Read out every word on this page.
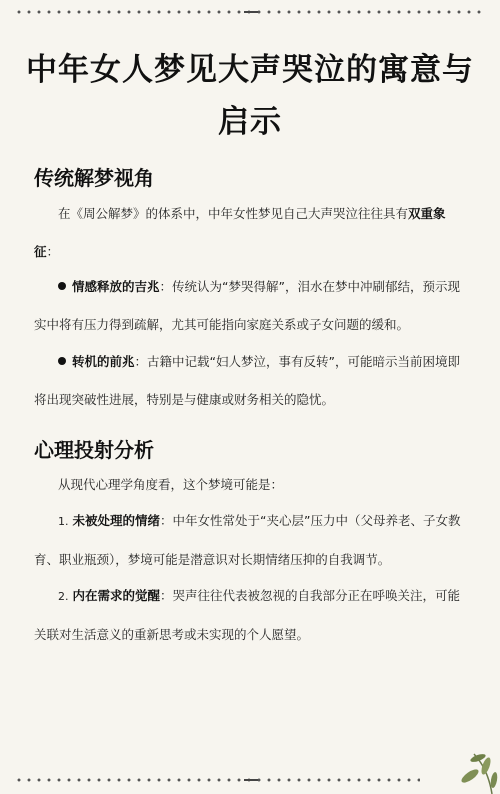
中年女人梦见大声哭泣的寓意与启示
传统解梦视角

在《周公解梦》的体系中，中年女性梦见自己大声哭泣往往具有双重象征：

情感释放的吉兆：传统认为“梦哭得解”，泪水在梦中冲刷郁结，预示现实中将有压力得到疏解，尤其可能指向家庭关系或子女问题的缓和。

转机的前兆：古籍中记载“妇人梦泣，事有反转”，可能暗示当前困境即将出现突破性进展，特别是与健康或财务相关的隐忧。

心理投射分析

从现代心理学角度看，这个梦境可能是：

1. 未被处理的情绪：中年女性常处于“夹心层”压力中（父母养老、子女教育、职业瓶颈），梦境可能是潜意识对长期情绪压抑的自我调节。

2. 内在需求的觉醒：哭声往往代表被忽视的自我部分正在呼唤关注，可能关联对生活意义的重新思考或未实现的个人愿望。
